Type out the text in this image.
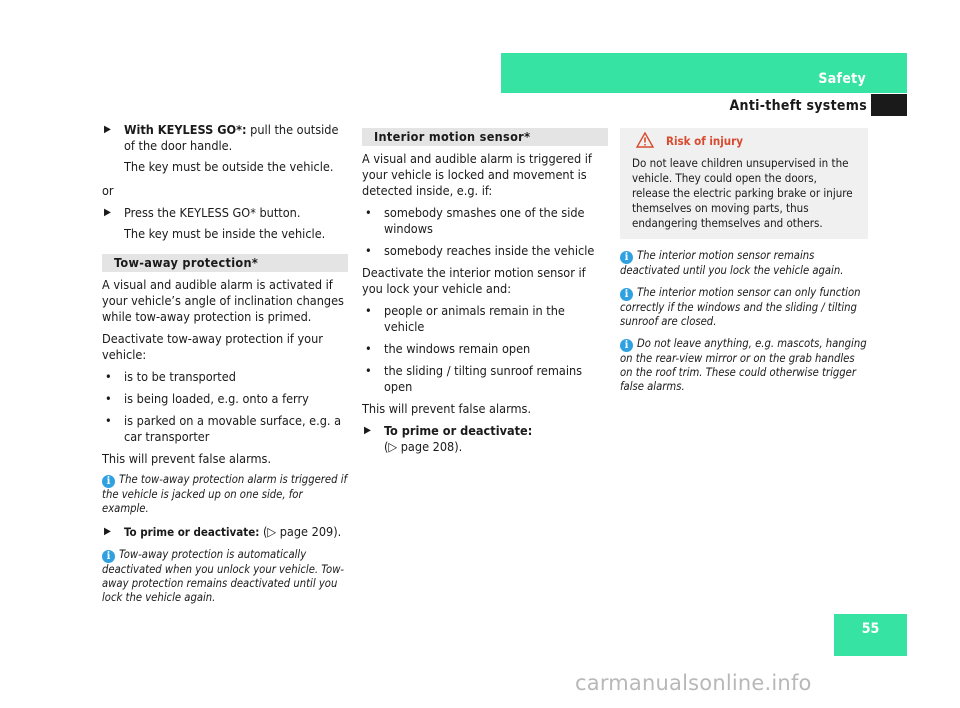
Safety
Anti-theft systems
▶ With KEYLESS GO*: pull the outside of the door handle.

The key must be outside the vehicle.

or

▶ Press the KEYLESS GO* button.

The key must be inside the vehicle.

Tow-away protection*

A visual and audible alarm is activated if your vehicle’s angle of inclination changes while tow-away protection is primed.

Deactivate tow-away protection if your vehicle:

• is to be transported
• is being loaded, e.g. onto a ferry
• is parked on a movable surface, e.g. a car transporter

This will prevent false alarms.

i The tow-away protection alarm is triggered if the vehicle is jacked up on one side, for example.

▶ To prime or deactivate: (▷ page 209).

i Tow-away protection is automatically deactivated when you unlock your vehicle. Tow-away protection remains deactivated until you lock the vehicle again.

Interior motion sensor*

A visual and audible alarm is triggered if your vehicle is locked and movement is detected inside, e.g. if:

• somebody smashes one of the side windows
• somebody reaches inside the vehicle

Deactivate the interior motion sensor if you lock your vehicle and:

• people or animals remain in the vehicle
• the windows remain open
• the sliding / tilting sunroof remains open

This will prevent false alarms.

▶ To prime or deactivate:
(▷ page 208).
Risk of injury

Do not leave children unsupervised in the vehicle. They could open the doors, release the electric parking brake or injure themselves on moving parts, thus endangering themselves and others.

i The interior motion sensor remains deactivated until you lock the vehicle again.

i The interior motion sensor can only function correctly if the windows and the sliding / tilting sunroof are closed.

i Do not leave anything, e.g. mascots, hanging on the rear-view mirror or on the grab handles on the roof trim. These could otherwise trigger false alarms.

55
carmanualsonline.info
